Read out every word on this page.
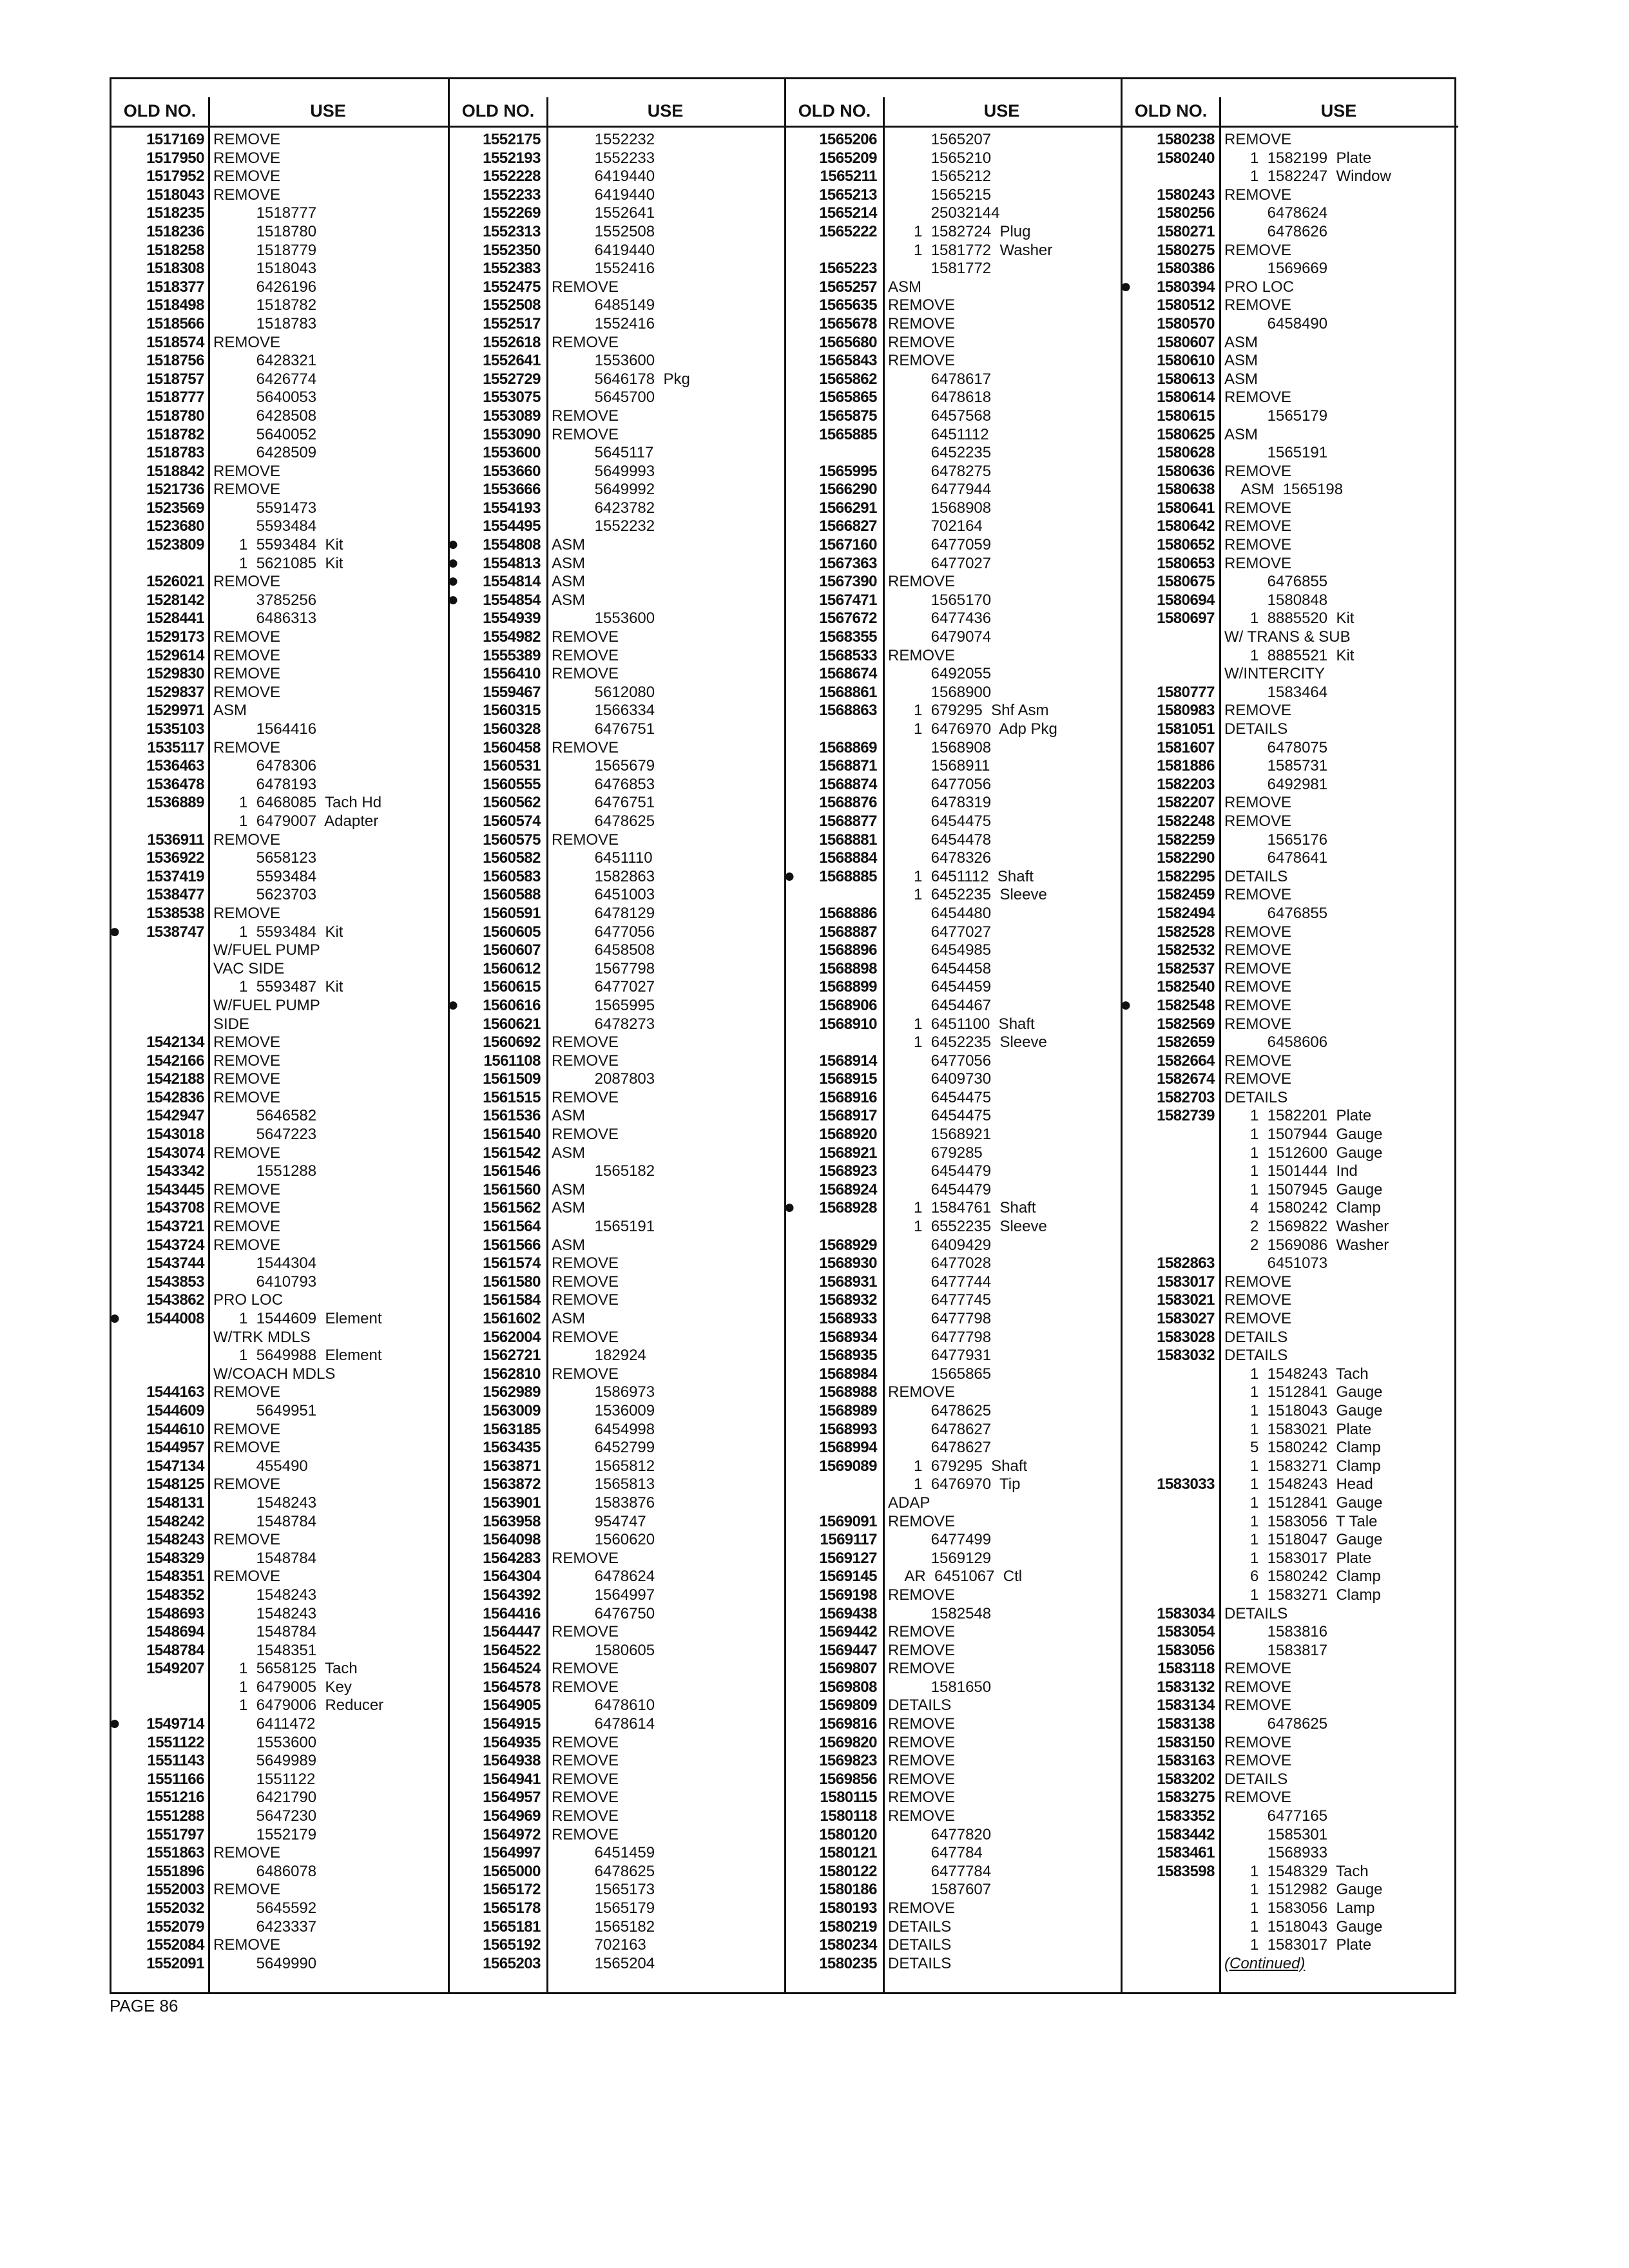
OLD NO.	USE
1517169 REMOVE
1517950 REMOVE
1517952 REMOVE
1518043 REMOVE
1518235 1518777
1518236 1518780
1518258 1518779
1518308 1518043
1518377 6426196
1518498 1518782
1518566 1518783
1518574 REMOVE
1518756 6428321
1518757 6426774
1518777 5640053
1518780 6428508
1518782 5640052
1518783 6428509
1518842 REMOVE
1521736 REMOVE
1523569 5591473
1523680 5593484
1523809 1  5593484  Kit
1  5621085  Kit
1526021 REMOVE
1528142 3785256
1528441 6486313
1529173 REMOVE
1529614 REMOVE
1529830 REMOVE
1529837 REMOVE
1529971 ASM
1535103 1564416
1535117 REMOVE
1536463 6478306
1536478 6478193
1536889 1  6468085  Tach Hd
1  6479007  Adapter
1536911 REMOVE
1536922 5658123
1537419 5593484
1538477 5623703
1538538 REMOVE
● 1538747 1  5593484  Kit
W/FUEL PUMP
VAC SIDE
1  5593487  Kit
W/FUEL PUMP
SIDE
1542134 REMOVE
1542166 REMOVE
1542188 REMOVE
1542836 REMOVE
1542947 5646582
1543018 5647223
1543074 REMOVE
1543342 1551288
1543445 REMOVE
1543708 REMOVE
1543721 REMOVE
1543724 REMOVE
1543744 1544304
1543853 6410793
1543862 PRO LOC
● 1544008 1  1544609  Element
W/TRK MDLS
1  5649988  Element
W/COACH MDLS
1544163 REMOVE
1544609 5649951
1544610 REMOVE
1544957 REMOVE
1547134 455490
1548125 REMOVE
1548131 1548243
1548242 1548784
1548243 REMOVE
1548329 1548784
1548351 REMOVE
1548352 1548243
1548693 1548243
1548694 1548784
1548784 1548351
1549207 1  5658125  Tach
1  6479005  Key
1  6479006  Reducer
● 1549714 6411472
1551122 1553600
1551143 5649989
1551166 1551122
1551216 6421790
1551288 5647230
1551797 1552179
1551863 REMOVE
1551896 6486078
1552003 REMOVE
1552032 5645592
1552079 6423337
1552084 REMOVE
1552091 5649990
OLD NO.	USE
1552175 1552232
1552193 1552233
1552228 6419440
1552233 6419440
1552269 1552641
1552313 1552508
1552350 6419440
1552383 1552416
1552475 REMOVE
1552508 6485149
1552517 1552416
1552618 REMOVE
1552641 1553600
1552729 5646178  Pkg
1553075 5645700
1553089 REMOVE
1553090 REMOVE
1553600 5645117
1553660 5649993
1553666 5649992
1554193 6423782
1554495 1552232
● 1554808 ASM
● 1554813 ASM
● 1554814 ASM
● 1554854 ASM
1554939 1553600
1554982 REMOVE
1555389 REMOVE
1556410 REMOVE
1559467 5612080
1560315 1566334
1560328 6476751
1560458 REMOVE
1560531 1565679
1560555 6476853
1560562 6476751
1560574 6478625
1560575 REMOVE
1560582 6451110
1560583 1582863
1560588 6451003
1560591 6478129
1560605 6477056
1560607 6458508
1560612 1567798
1560615 6477027
● 1560616 1565995
1560621 6478273
1560692 REMOVE
1561108 REMOVE
1561509 2087803
1561515 REMOVE
1561536 ASM
1561540 REMOVE
1561542 ASM
1561546 1565182
1561560 ASM
1561562 ASM
1561564 1565191
1561566 ASM
1561574 REMOVE
1561580 REMOVE
1561584 REMOVE
1561602 ASM
1562004 REMOVE
1562721 182924
1562810 REMOVE
1562989 1586973
1563009 1536009
1563185 6454998
1563435 6452799
1563871 1565812
1563872 1565813
1563901 1583876
1563958 954747
1564098 1560620
1564283 REMOVE
1564304 6478624
1564392 1564997
1564416 6476750
1564447 REMOVE
1564522 1580605
1564524 REMOVE
1564578 REMOVE
1564905 6478610
1564915 6478614
1564935 REMOVE
1564938 REMOVE
1564941 REMOVE
1564957 REMOVE
1564969 REMOVE
1564972 REMOVE
1564997 6451459
1565000 6478625
1565172 1565173
1565178 1565179
1565181 1565182
1565192 702163
1565203 1565204
OLD NO.	USE
1565206 1565207
1565209 1565210
1565211 1565212
1565213 1565215
1565214 25032144
1565222 1  1582724  Plug
1  1581772  Washer
1565223 1581772
1565257 ASM
1565635 REMOVE
1565678 REMOVE
1565680 REMOVE
1565843 REMOVE
1565862 6478617
1565865 6478618
1565875 6457568
1565885 6451112
6452235
1565995 6478275
1566290 6477944
1566291 1568908
1566827 702164
1567160 6477059
1567363 6477027
1567390 REMOVE
1567471 1565170
1567672 6477436
1568355 6479074
1568533 REMOVE
1568674 6492055
1568861 1568900
1568863 1  679295  Shf Asm
1  6476970  Adp Pkg
1568869 1568908
1568871 1568911
1568874 6477056
1568876 6478319
1568877 6454475
1568881 6454478
1568884 6478326
● 1568885 1  6451112  Shaft
1  6452235  Sleeve
1568886 6454480
1568887 6477027
1568896 6454985
1568898 6454458
1568899 6454459
1568906 6454467
1568910 1  6451100  Shaft
1  6452235  Sleeve
1568914 6477056
1568915 6409730
1568916 6454475
1568917 6454475
1568920 1568921
1568921 679285
1568923 6454479
1568924 6454479
● 1568928 1  1584761  Shaft
1  6552235  Sleeve
1568929 6409429
1568930 6477028
1568931 6477744
1568932 6477745
1568933 6477798
1568934 6477798
1568935 6477931
1568984 1565865
1568988 REMOVE
1568989 6478625
1568993 6478627
1568994 6478627
1569089 1  679295  Shaft
1  6476970  Tip
ADAP
1569091 REMOVE
1569117 6477499
1569127 1569129
1569145 AR  6451067  Ctl
1569198 REMOVE
1569438 1582548
1569442 REMOVE
1569447 REMOVE
1569807 REMOVE
1569808 1581650
1569809 DETAILS
1569816 REMOVE
1569820 REMOVE
1569823 REMOVE
1569856 REMOVE
1580115 REMOVE
1580118 REMOVE
1580120 6477820
1580121 647784
1580122 6477784
1580186 1587607
1580193 REMOVE
1580219 DETAILS
1580234 DETAILS
1580235 DETAILS
OLD NO.	USE
1580238 REMOVE
1580240 1  1582199  Plate
1  1582247  Window
1580243 REMOVE
1580256 6478624
1580271 6478626
1580275 REMOVE
1580386 1569669
● 1580394 PRO LOC
1580512 REMOVE
1580570 6458490
1580607 ASM
1580610 ASM
1580613 ASM
1580614 REMOVE
1580615 1565179
1580625 ASM
1580628 1565191
1580636 REMOVE
1580638 ASM  1565198
1580641 REMOVE
1580642 REMOVE
1580652 REMOVE
1580653 REMOVE
1580675 6476855
1580694 1580848
1580697 1  8885520  Kit
W/ TRANS & SUB
1  8885521  Kit
W/INTERCITY
1580777 1583464
1580983 REMOVE
1581051 DETAILS
1581607 6478075
1581886 1585731
1582203 6492981
1582207 REMOVE
1582248 REMOVE
1582259 1565176
1582290 6478641
1582295 DETAILS
1582459 REMOVE
1582494 6476855
1582528 REMOVE
1582532 REMOVE
1582537 REMOVE
1582540 REMOVE
● 1582548 REMOVE
1582569 REMOVE
1582659 6458606
1582664 REMOVE
1582674 REMOVE
1582703 DETAILS
1582739 1  1582201  Plate
1  1507944  Gauge
1  1512600  Gauge
1  1501444  Ind
1  1507945  Gauge
4  1580242  Clamp
2  1569822  Washer
2  1569086  Washer
1582863 6451073
1583017 REMOVE
1583021 REMOVE
1583027 REMOVE
1583028 DETAILS
1583032 DETAILS
1  1548243  Tach
1  1512841  Gauge
1  1518043  Gauge
1  1583021  Plate
5  1580242  Clamp
1  1583271  Clamp
1583033 1  1548243  Head
1  1512841  Gauge
1  1583056  T Tale
1  1518047  Gauge
1  1583017  Plate
6  1580242  Clamp
1  1583271  Clamp
1583034 DETAILS
1583054 1583816
1583056 1583817
1583118 REMOVE
1583132 REMOVE
1583134 REMOVE
1583138 6478625
1583150 REMOVE
1583163 REMOVE
1583202 DETAILS
1583275 REMOVE
1583352 6477165
1583442 1585301
1583461 1568933
1583598 1  1548329  Tach
1  1512982  Gauge
1  1583056  Lamp
1  1518043  Gauge
1  1583017  Plate
(Continued)
PAGE 86
